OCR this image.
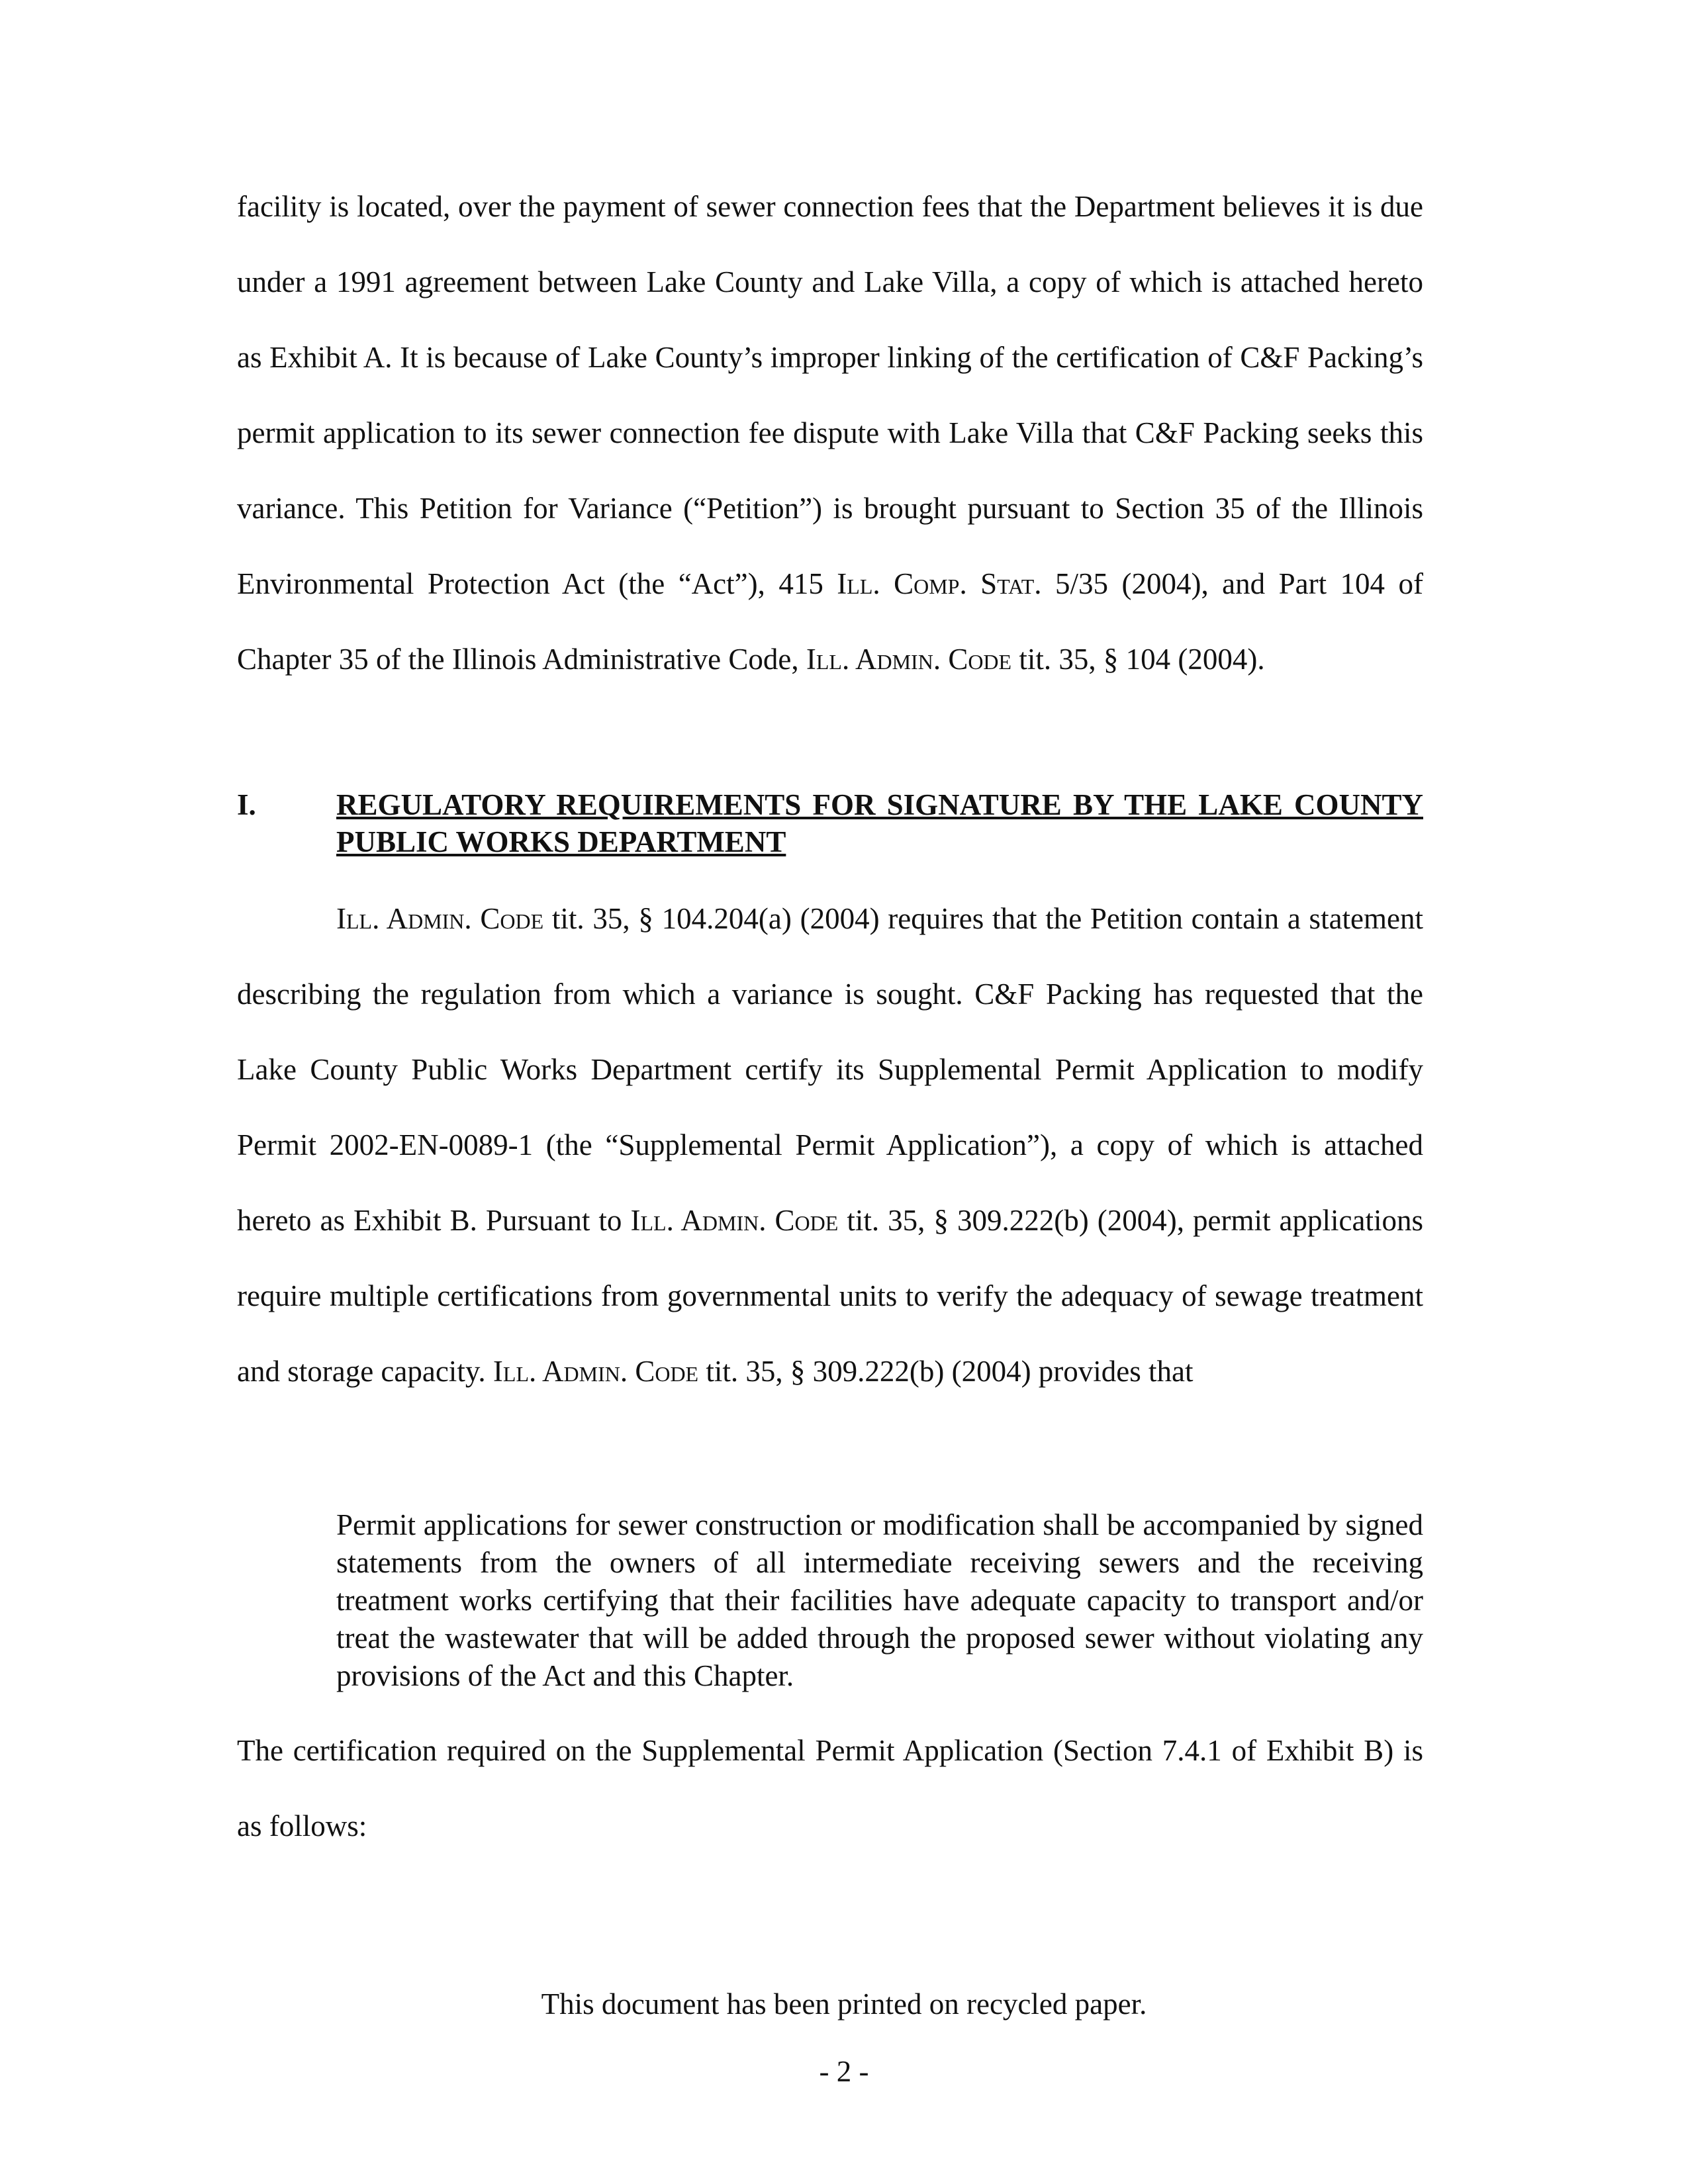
facility is located, over the payment of sewer connection fees that the Department believes it is due under a 1991 agreement between Lake County and Lake Villa, a copy of which is attached hereto as Exhibit A. It is because of Lake County’s improper linking of the certification of C&F Packing’s permit application to its sewer connection fee dispute with Lake Villa that C&F Packing seeks this variance. This Petition for Variance (“Petition”) is brought pursuant to Section 35 of the Illinois Environmental Protection Act (the “Act”), 415 Ill. Comp. Stat. 5/35 (2004), and Part 104 of Chapter 35 of the Illinois Administrative Code, Ill. Admin. Code tit. 35, § 104 (2004).

I.	REGULATORY REQUIREMENTS FOR SIGNATURE BY THE LAKE COUNTY PUBLIC WORKS DEPARTMENT

Ill. Admin. Code tit. 35, § 104.204(a) (2004) requires that the Petition contain a statement describing the regulation from which a variance is sought. C&F Packing has requested that the Lake County Public Works Department certify its Supplemental Permit Application to modify Permit 2002-EN-0089-1 (the “Supplemental Permit Application”), a copy of which is attached hereto as Exhibit B. Pursuant to Ill. Admin. Code tit. 35, § 309.222(b) (2004), permit applications require multiple certifications from governmental units to verify the adequacy of sewage treatment and storage capacity. Ill. Admin. Code tit. 35, § 309.222(b) (2004) provides that

Permit applications for sewer construction or modification shall be accompanied by signed statements from the owners of all intermediate receiving sewers and the receiving treatment works certifying that their facilities have adequate capacity to transport and/or treat the wastewater that will be added through the proposed sewer without violating any provisions of the Act and this Chapter.

The certification required on the Supplemental Permit Application (Section 7.4.1 of Exhibit B) is as follows:

This document has been printed on recycled paper.

- 2 -
